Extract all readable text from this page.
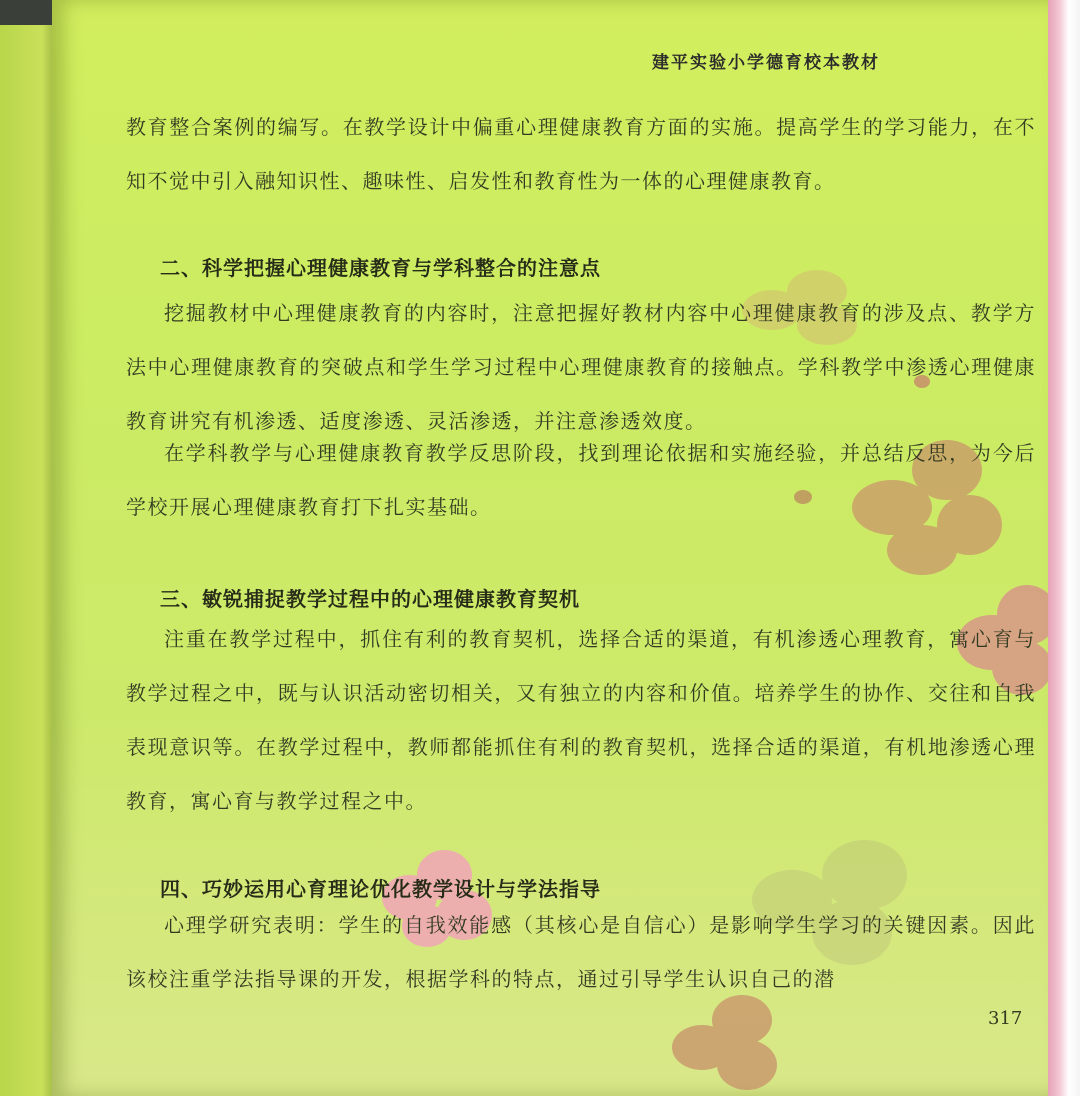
建平实验小学德育校本教材

教育整合案例的编写。在教学设计中偏重心理健康教育方面的实施。提高学生的学习能力，在不知不觉中引入融知识性、趣味性、启发性和教育性为一体的心理健康教育。

二、科学把握心理健康教育与学科整合的注意点

挖掘教材中心理健康教育的内容时，注意把握好教材内容中心理健康教育的涉及点、教学方法中心理健康教育的突破点和学生学习过程中心理健康教育的接触点。学科教学中渗透心理健康教育讲究有机渗透、适度渗透、灵活渗透，并注意渗透效度。

在学科教学与心理健康教育教学反思阶段，找到理论依据和实施经验，并总结反思，为今后学校开展心理健康教育打下扎实基础。

三、敏锐捕捉教学过程中的心理健康教育契机

注重在教学过程中，抓住有利的教育契机，选择合适的渠道，有机渗透心理教育，寓心育与教学过程之中，既与认识活动密切相关，又有独立的内容和价值。培养学生的协作、交往和自我表现意识等。在教学过程中，教师都能抓住有利的教育契机，选择合适的渠道，有机地渗透心理教育，寓心育与教学过程之中。

四、巧妙运用心育理论优化教学设计与学法指导

心理学研究表明：学生的自我效能感（其核心是自信心）是影响学生学习的关键因素。因此该校注重学法指导课的开发，根据学科的特点，通过引导学生认识自己的潜

317
